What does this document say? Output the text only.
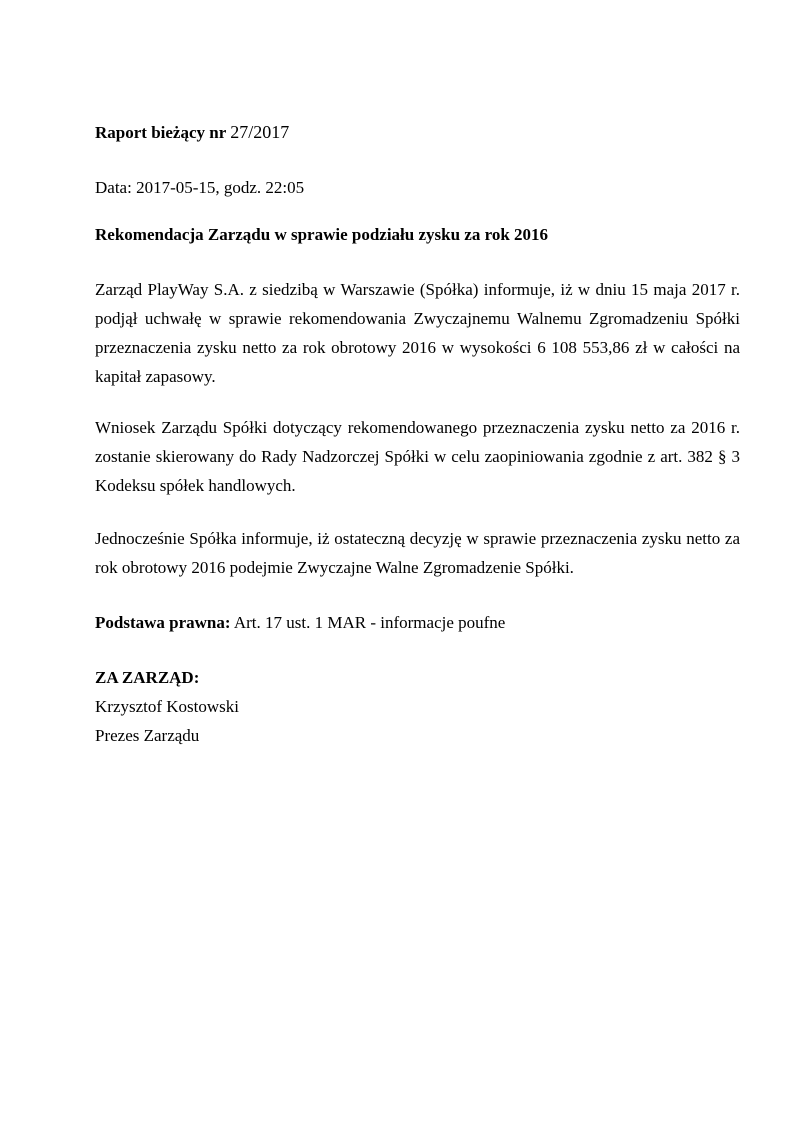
Raport bieżący nr 27/2017
Data: 2017-05-15, godz. 22:05
Rekomendacja Zarządu w sprawie podziału zysku za rok 2016

Zarząd PlayWay S.A. z siedzibą w Warszawie (Spółka) informuje, iż w dniu 15 maja 2017 r. podjął uchwałę w sprawie rekomendowania Zwyczajnemu Walnemu Zgromadzeniu Spółki przeznaczenia zysku netto za rok obrotowy 2016 w wysokości 6 108 553,86 zł w całości na kapitał zapasowy.

Wniosek Zarządu Spółki dotyczący rekomendowanego przeznaczenia zysku netto za 2016 r. zostanie skierowany do Rady Nadzorczej Spółki w celu zaopiniowania zgodnie z art. 382 § 3 Kodeksu spółek handlowych.

Jednocześnie Spółka informuje, iż ostateczną decyzję w sprawie przeznaczenia zysku netto za rok obrotowy 2016 podejmie Zwyczajne Walne Zgromadzenie Spółki.

Podstawa prawna: Art. 17 ust. 1 MAR - informacje poufne
ZA ZARZĄD:
Krzysztof Kostowski
Prezes Zarządu
